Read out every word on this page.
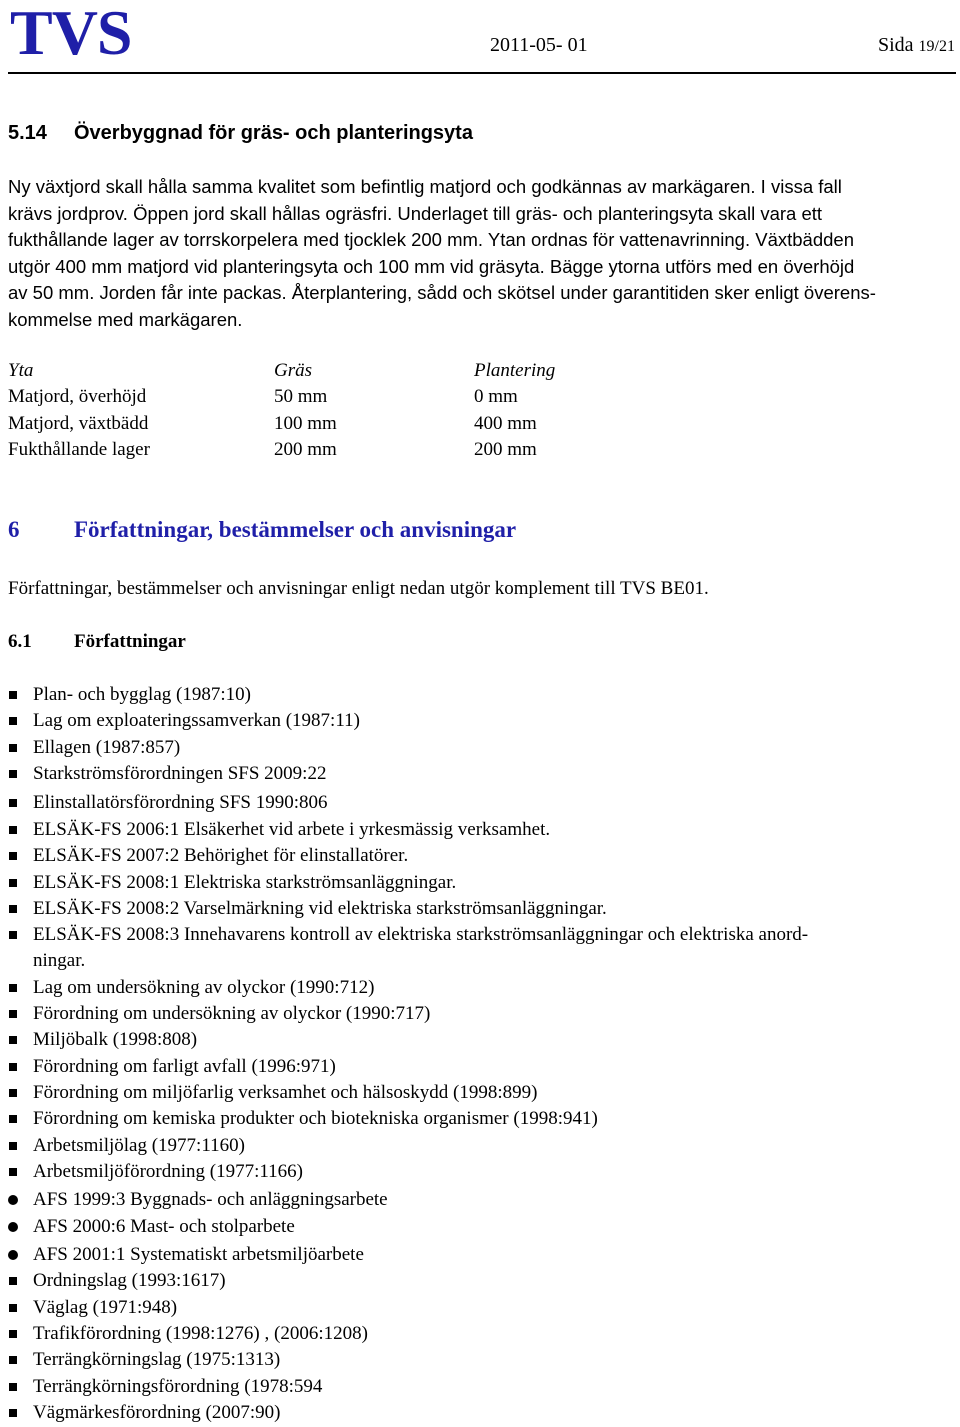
TVS	2011-05- 01	Sida 19/21
5.14 Överbyggnad för gräs- och planteringsyta
Ny växtjord skall hålla samma kvalitet som befintlig matjord och godkännas av markägaren. I vissa fall
krävs jordprov. Öppen jord skall hållas ogräsfri. Underlaget till gräs- och planteringsyta skall vara ett
fukthållande lager av torrskorpelera med tjocklek 200 mm. Ytan ordnas för vattenavrinning. Växtbädden
utgör 400 mm matjord vid planteringsyta och 100 mm vid gräsyta. Bägge ytorna utförs med en överhöjd
av 50 mm. Jorden får inte packas. Återplantering, sådd och skötsel under garantitiden sker enligt överens-
kommelse med markägaren.
Yta	Gräs	Plantering
Matjord, överhöjd	50 mm	0 mm
Matjord, växtbädd	100 mm	400 mm
Fukthållande lager	200 mm	200 mm
6 Författningar, bestämmelser och anvisningar
Författningar, bestämmelser och anvisningar enligt nedan utgör komplement till TVS BE01.
6.1 Författningar
Plan- och bygglag (1987:10)
Lag om exploateringssamverkan (1987:11)
Ellagen (1987:857)
Starkströmsförordningen SFS 2009:22
Elinstallatörsförordning SFS 1990:806
ELSÄK-FS 2006:1 Elsäkerhet vid arbete i yrkesmässig verksamhet.
ELSÄK-FS 2007:2 Behörighet för elinstallatörer.
ELSÄK-FS 2008:1 Elektriska starkströmsanläggningar.
ELSÄK-FS 2008:2 Varselmärkning vid elektriska starkströmsanläggningar.
ELSÄK-FS 2008:3 Innehavarens kontroll av elektriska starkströmsanläggningar och elektriska anord-
ningar.
Lag om undersökning av olyckor (1990:712)
Förordning om undersökning av olyckor (1990:717)
Miljöbalk (1998:808)
Förordning om farligt avfall (1996:971)
Förordning om miljöfarlig verksamhet och hälsoskydd (1998:899)
Förordning om kemiska produkter och biotekniska organismer (1998:941)
Arbetsmiljölag (1977:1160)
Arbetsmiljöförordning (1977:1166)
AFS 1999:3 Byggnads- och anläggningsarbete
AFS 2000:6 Mast- och stolparbete
AFS 2001:1 Systematiskt arbetsmiljöarbete
Ordningslag (1993:1617)
Väglag (1971:948)
Trafikförordning (1998:1276) , (2006:1208)
Terrängkörningslag (1975:1313)
Terrängkörningsförordning (1978:594
Vägmärkesförordning (2007:90)
